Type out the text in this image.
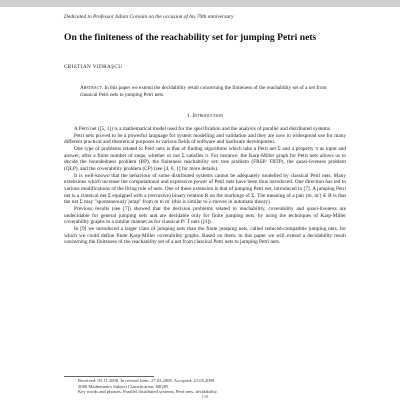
Dedicated to Professor Iulian Coroian on the occasion of his 70th anniversary
On the finiteness of the reachability set for jumping Petri nets
CRISTIAN VIDRAŞCU
Abstract. In this paper we extend the decidability result concerning the finiteness of the reachability set of a net from classical Petri nets to jumping Petri nets.
1. Introduction

A Petri net ([5, 1]) is a mathematical model used for the specification and the analysis of parallel and distributed systems.

Petri nets proved to be a powerful language for system modelling and validation and they are now in widespread use for many different practical and theoretical purposes in various fields of software and hardware development.

One type of problems related to Petri nets is that of finding algorithms which take a Petri net Σ and a property π as input and answer, after a finite number of steps, whether or not Σ satisfies π. For instance, the Karp-Miller graph for Petri nets allows us to decide the boundedness problem (BP), the finiteness reachability set/ tree problem (FRSP/ FRTP), the quasi-liveness problem (QLP), and the coverability problem (CP) (see [4, 6, 1] for more details).

It is well-known that the behaviour of some distributed systems cannot be adequately modelled by classical Petri nets. Many extensions which increase the computational and expressive power of Petri nets have been thus introduced. One direction has led to various modifications of the firing rule of nets. One of these extension is that of jumping Petri net, introduced in [7]. A jumping Petri net is a classical net Σ equipped with a (recursive) binary relation R on the markings of Σ. The meaning of a pair (m, m′) ∈ R is that the net Σ may "spontaneously jump" from m to m′ (this is similar to λ-moves in automata theory).

Previous results (see [7]) showed that the decision problems related to reachability, coverability and quasi-liveness are undecidable for general jumping nets and are decidable only for finite jumping nets, by using the techniques of Karp-Miller coverability graphs in a similar manner as for classical P/ T nets ([4]).

In [9] we introduced a larger class of jumping nets than the finite jumping nets, called reduced-compatible jumping nets, for which we could define finite Karp-Miller coverability graphs. Based on them, in this paper we will extend a decidability result concerning the finiteness of the reachability set of a net from classical Petri nets to jumping Petri nets.

Received: 03.11.2008. In revised form: 27.02.2009. Accepted: 21.05.2009.
2000 Mathematics Subject Classification. 68Q85.
Key words and phrases. Parallel distributed systems, Petri nets, decidability.
110
